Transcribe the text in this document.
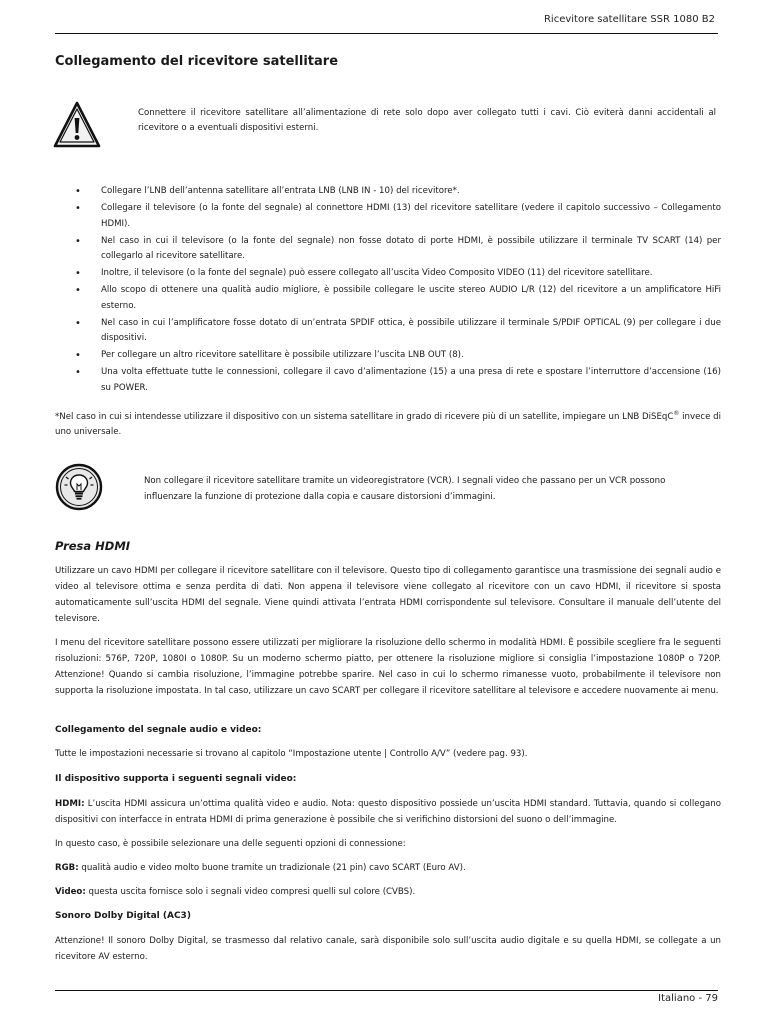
Ricevitore satellitare SSR 1080 B2
Collegamento del ricevitore satellitare

Connettere il ricevitore satellitare all’alimentazione di rete solo dopo aver collegato tutti i cavi. Ciò eviterà danni accidentali al ricevitore o a eventuali dispositivi esterni.

• Collegare l’LNB dell’antenna satellitare all’entrata LNB (LNB IN - 10) del ricevitore*.
• Collegare il televisore (o la fonte del segnale) al connettore HDMI (13) del ricevitore satellitare (vedere il capitolo successivo – Collegamento HDMI).
• Nel caso in cui il televisore (o la fonte del segnale) non fosse dotato di porte HDMI, è possibile utilizzare il terminale TV SCART (14) per collegarlo al ricevitore satellitare.
• Inoltre, il televisore (o la fonte del segnale) può essere collegato all’uscita Video Composito VIDEO (11) del ricevitore satellitare.
• Allo scopo di ottenere una qualità audio migliore, è possibile collegare le uscite stereo AUDIO L/R (12) del ricevitore a un amplificatore HiFi esterno.
• Nel caso in cui l’amplificatore fosse dotato di un’entrata SPDIF ottica, è possibile utilizzare il terminale S/PDIF OPTICAL (9) per collegare i due dispositivi.
• Per collegare un altro ricevitore satellitare è possibile utilizzare l’uscita LNB OUT (8).
• Una volta effettuate tutte le connessioni, collegare il cavo d’alimentazione (15) a una presa di rete e spostare l’interruttore d’accensione (16) su POWER.

*Nel caso in cui si intendesse utilizzare il dispositivo con un sistema satellitare in grado di ricevere più di un satellite, impiegare un LNB DiSEqC® invece di uno universale.

Non collegare il ricevitore satellitare tramite un videoregistratore (VCR). I segnali video che passano per un VCR possono influenzare la funzione di protezione dalla copia e causare distorsioni d’immagini.

Presa HDMI

Utilizzare un cavo HDMI per collegare il ricevitore satellitare con il televisore. Questo tipo di collegamento garantisce una trasmissione dei segnali audio e video al televisore ottima e senza perdita di dati. Non appena il televisore viene collegato al ricevitore con un cavo HDMI, il ricevitore si sposta automaticamente sull’uscita HDMI del segnale. Viene quindi attivata l’entrata HDMI corrispondente sul televisore. Consultare il manuale dell’utente del televisore.

I menu del ricevitore satellitare possono essere utilizzati per migliorare la risoluzione dello schermo in modalità HDMI. È possibile scegliere fra le seguenti risoluzioni: 576P, 720P, 1080I o 1080P. Su un moderno schermo piatto, per ottenere la risoluzione migliore si consiglia l’impostazione 1080P o 720P. Attenzione! Quando si cambia risoluzione, l’immagine potrebbe sparire. Nel caso in cui lo schermo rimanesse vuoto, probabilmente il televisore non supporta la risoluzione impostata. In tal caso, utilizzare un cavo SCART per collegare il ricevitore satellitare al televisore e accedere nuovamente ai menu.

Collegamento del segnale audio e video:

Tutte le impostazioni necessarie si trovano al capitolo “Impostazione utente | Controllo A/V” (vedere pag. 93).

Il dispositivo supporta i seguenti segnali video:

HDMI: L’uscita HDMI assicura un’ottima qualità video e audio. Nota: questo dispositivo possiede un’uscita HDMI standard. Tuttavia, quando si collegano dispositivi con interfacce in entrata HDMI di prima generazione è possibile che si verifichino distorsioni del suono o dell’immagine.

In questo caso, è possibile selezionare una delle seguenti opzioni di connessione:

RGB: qualità audio e video molto buone tramite un tradizionale (21 pin) cavo SCART (Euro AV).

Video: questa uscita fornisce solo i segnali video compresi quelli sul colore (CVBS).

Sonoro Dolby Digital (AC3)

Attenzione! Il sonoro Dolby Digital, se trasmesso dal relativo canale, sarà disponibile solo sull’uscita audio digitale e su quella HDMI, se collegate a un ricevitore AV esterno.

Italiano - 79
